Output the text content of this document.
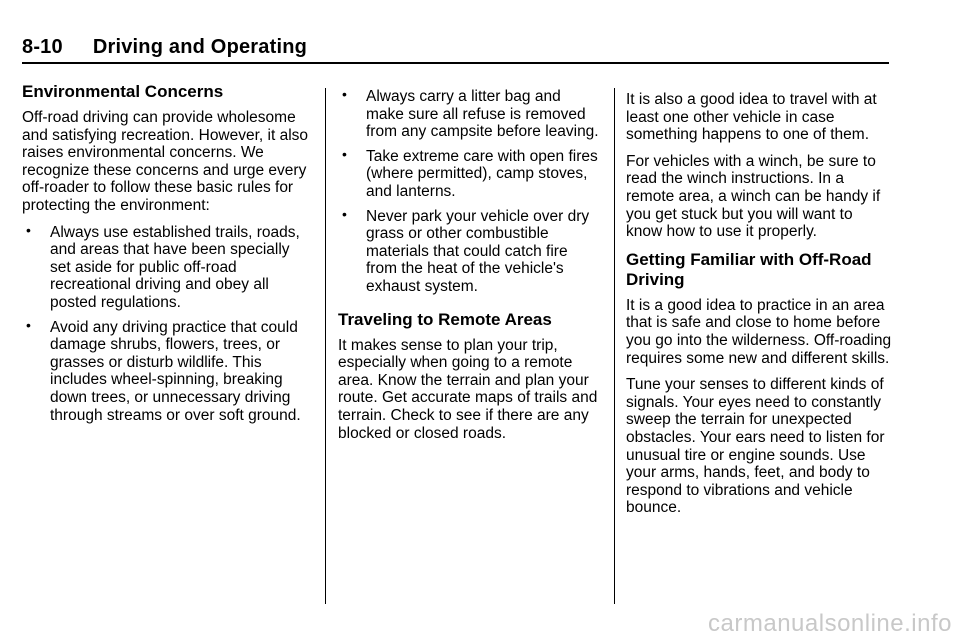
8-10 Driving and Operating
Environmental Concerns

Off-road driving can provide wholesome and satisfying recreation. However, it also raises environmental concerns. We recognize these concerns and urge every off-roader to follow these basic rules for protecting the environment:

• Always use established trails, roads, and areas that have been specially set aside for public off-road recreational driving and obey all posted regulations.
• Avoid any driving practice that could damage shrubs, flowers, trees, or grasses or disturb wildlife. This includes wheel-spinning, breaking down trees, or unnecessary driving through streams or over soft ground.
• Always carry a litter bag and make sure all refuse is removed from any campsite before leaving.
• Take extreme care with open fires (where permitted), camp stoves, and lanterns.
• Never park your vehicle over dry grass or other combustible materials that could catch fire from the heat of the vehicle's exhaust system.
Traveling to Remote Areas

It makes sense to plan your trip, especially when going to a remote area. Know the terrain and plan your route. Get accurate maps of trails and terrain. Check to see if there are any blocked or closed roads.

It is also a good idea to travel with at least one other vehicle in case something happens to one of them.

For vehicles with a winch, be sure to read the winch instructions. In a remote area, a winch can be handy if you get stuck but you will want to know how to use it properly.

Getting Familiar with Off-Road Driving

It is a good idea to practice in an area that is safe and close to home before you go into the wilderness. Off-roading requires some new and different skills.

Tune your senses to different kinds of signals. Your eyes need to constantly sweep the terrain for unexpected obstacles. Your ears need to listen for unusual tire or engine sounds. Use your arms, hands, feet, and body to respond to vibrations and vehicle bounce.

carmanualsonline.info
